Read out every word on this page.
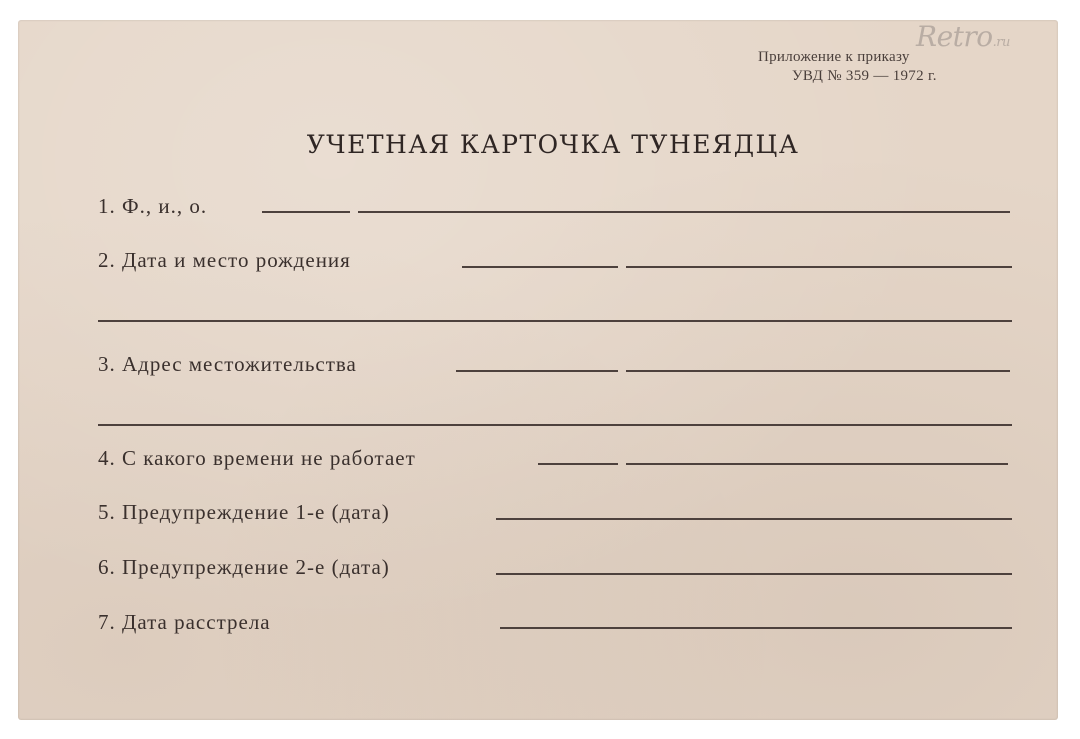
Retro.ru
Приложение к приказу
УВД № 359 — 1972 г.
УЧЕТНАЯ КАРТОЧКА ТУНЕЯДЦА
1. Ф., и., о.
2. Дата и место рождения
3. Адрес местожительства
4. С какого времени не работает
5. Предупреждение 1-е (дата)
6. Предупреждение 2-е (дата)
7. Дата расстрела
